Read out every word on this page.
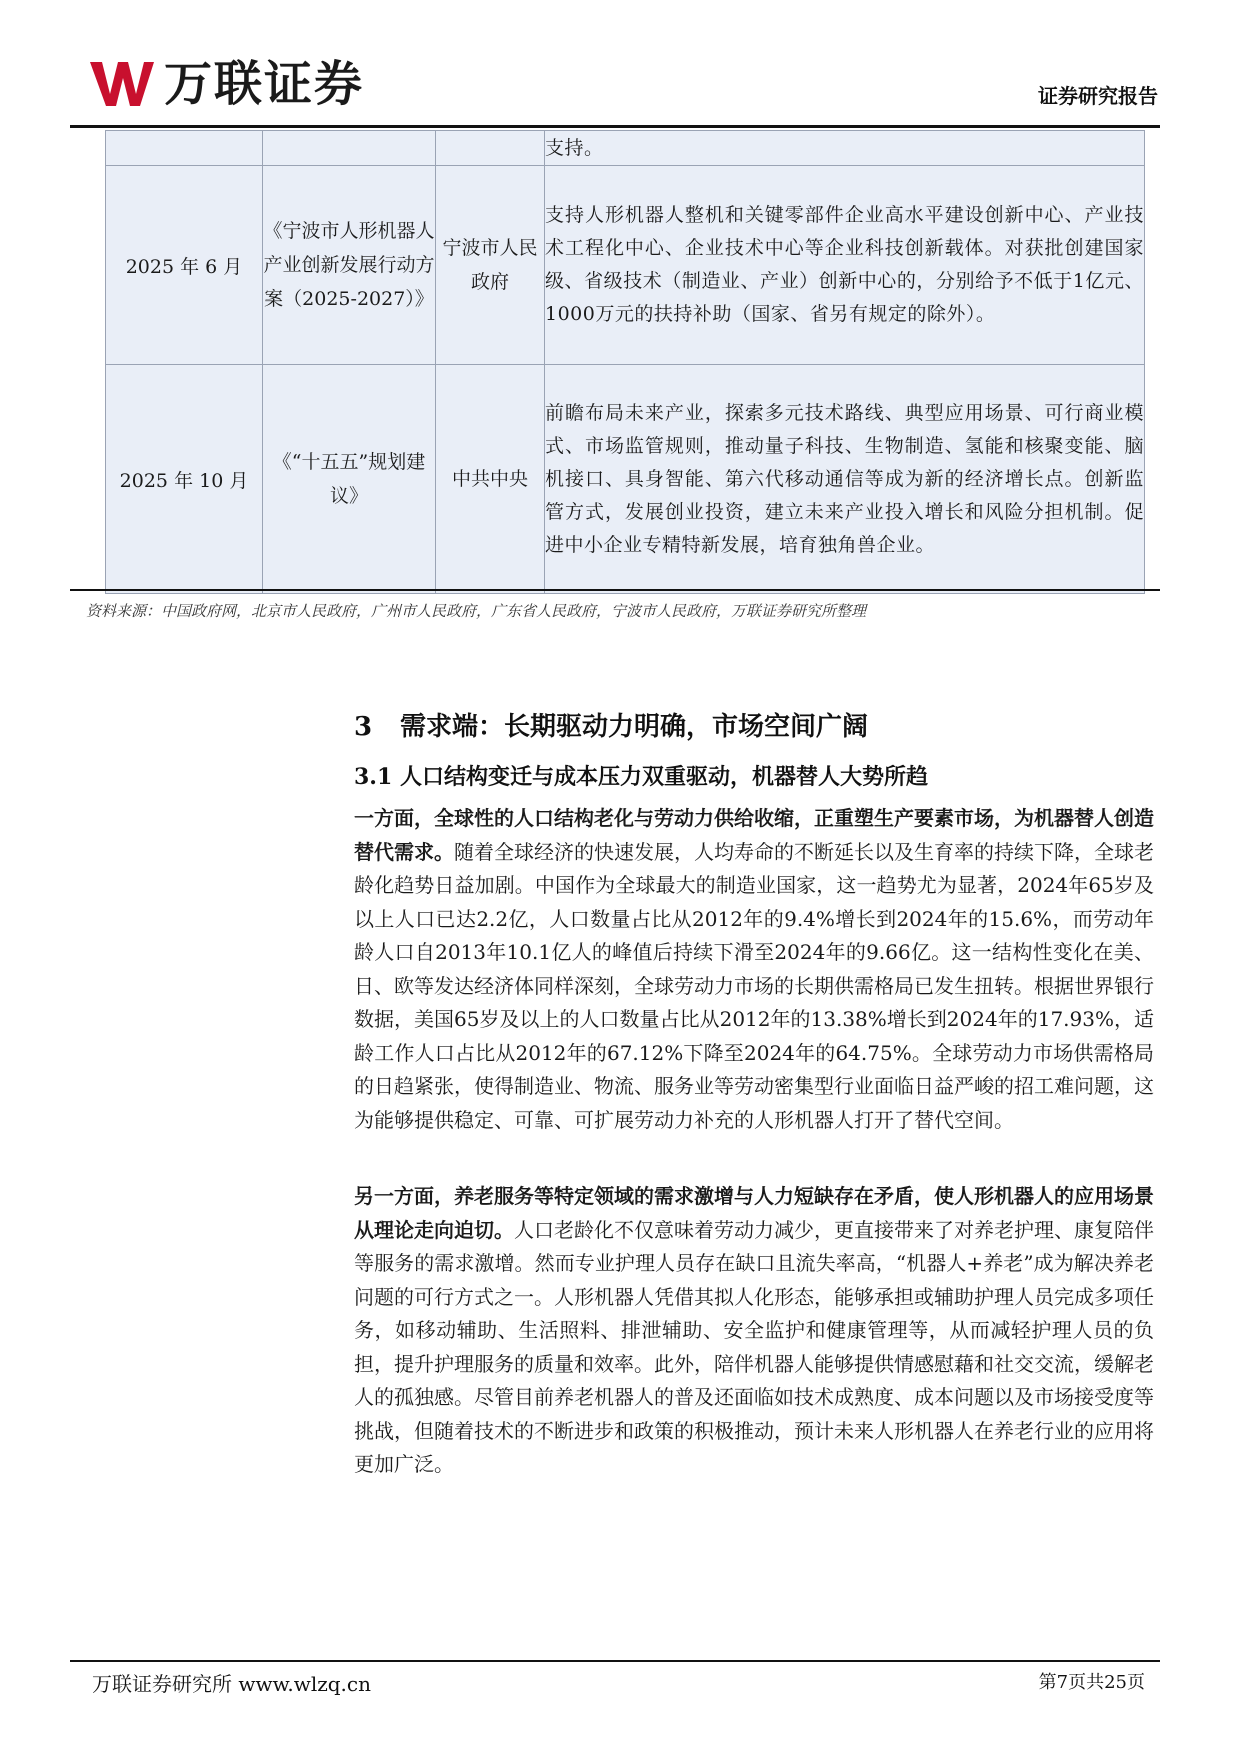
万联证券	证券研究报告
			支持。
2025 年 6 月	《宁波市人形机器人产业创新发展行动方案（2025-2027）》	宁波市人民政府	支持人形机器人整机和关键零部件企业高水平建设创新中心、产业技术工程化中心、企业技术中心等企业科技创新载体。对获批创建国家级、省级技术（制造业、产业）创新中心的，分别给予不低于1亿元、1000万元的扶持补助（国家、省另有规定的除外）。
2025 年 10 月	《“十五五”规划建议》	中共中央	前瞻布局未来产业，探索多元技术路线、典型应用场景、可行商业模式、市场监管规则，推动量子科技、生物制造、氢能和核聚变能、脑机接口、具身智能、第六代移动通信等成为新的经济增长点。创新监管方式，发展创业投资，建立未来产业投入增长和风险分担机制。促进中小企业专精特新发展，培育独角兽企业。
资料来源：中国政府网，北京市人民政府，广州市人民政府，广东省人民政府，宁波市人民政府，万联证券研究所整理
3 需求端：长期驱动力明确，市场空间广阔
3.1 人口结构变迁与成本压力双重驱动，机器替人大势所趋
一方面，全球性的人口结构老化与劳动力供给收缩，正重塑生产要素市场，为机器替人创造替代需求。随着全球经济的快速发展，人均寿命的不断延长以及生育率的持续下降，全球老龄化趋势日益加剧。中国作为全球最大的制造业国家，这一趋势尤为显著，2024年65岁及以上人口已达2.2亿，人口数量占比从2012年的9.4%增长到2024年的15.6%，而劳动年龄人口自2013年10.1亿人的峰值后持续下滑至2024年的9.66亿。这一结构性变化在美、日、欧等发达经济体同样深刻，全球劳动力市场的长期供需格局已发生扭转。根据世界银行数据，美国65岁及以上的人口数量占比从2012年的13.38%增长到2024年的17.93%，适龄工作人口占比从2012年的67.12%下降至2024年的64.75%。全球劳动力市场供需格局的日趋紧张，使得制造业、物流、服务业等劳动密集型行业面临日益严峻的招工难问题，这为能够提供稳定、可靠、可扩展劳动力补充的人形机器人打开了替代空间。
另一方面，养老服务等特定领域的需求激增与人力短缺存在矛盾，使人形机器人的应用场景从理论走向迫切。人口老龄化不仅意味着劳动力减少，更直接带来了对养老护理、康复陪伴等服务的需求激增。然而专业护理人员存在缺口且流失率高，“机器人+养老”成为解决养老问题的可行方式之一。人形机器人凭借其拟人化形态，能够承担或辅助护理人员完成多项任务，如移动辅助、生活照料、排泄辅助、安全监护和健康管理等，从而减轻护理人员的负担，提升护理服务的质量和效率。此外，陪伴机器人能够提供情感慰藉和社交交流，缓解老人的孤独感。尽管目前养老机器人的普及还面临如技术成熟度、成本问题以及市场接受度等挑战，但随着技术的不断进步和政策的积极推动，预计未来人形机器人在养老行业的应用将更加广泛。
万联证券研究所 www.wlzq.cn	第7页共25页
